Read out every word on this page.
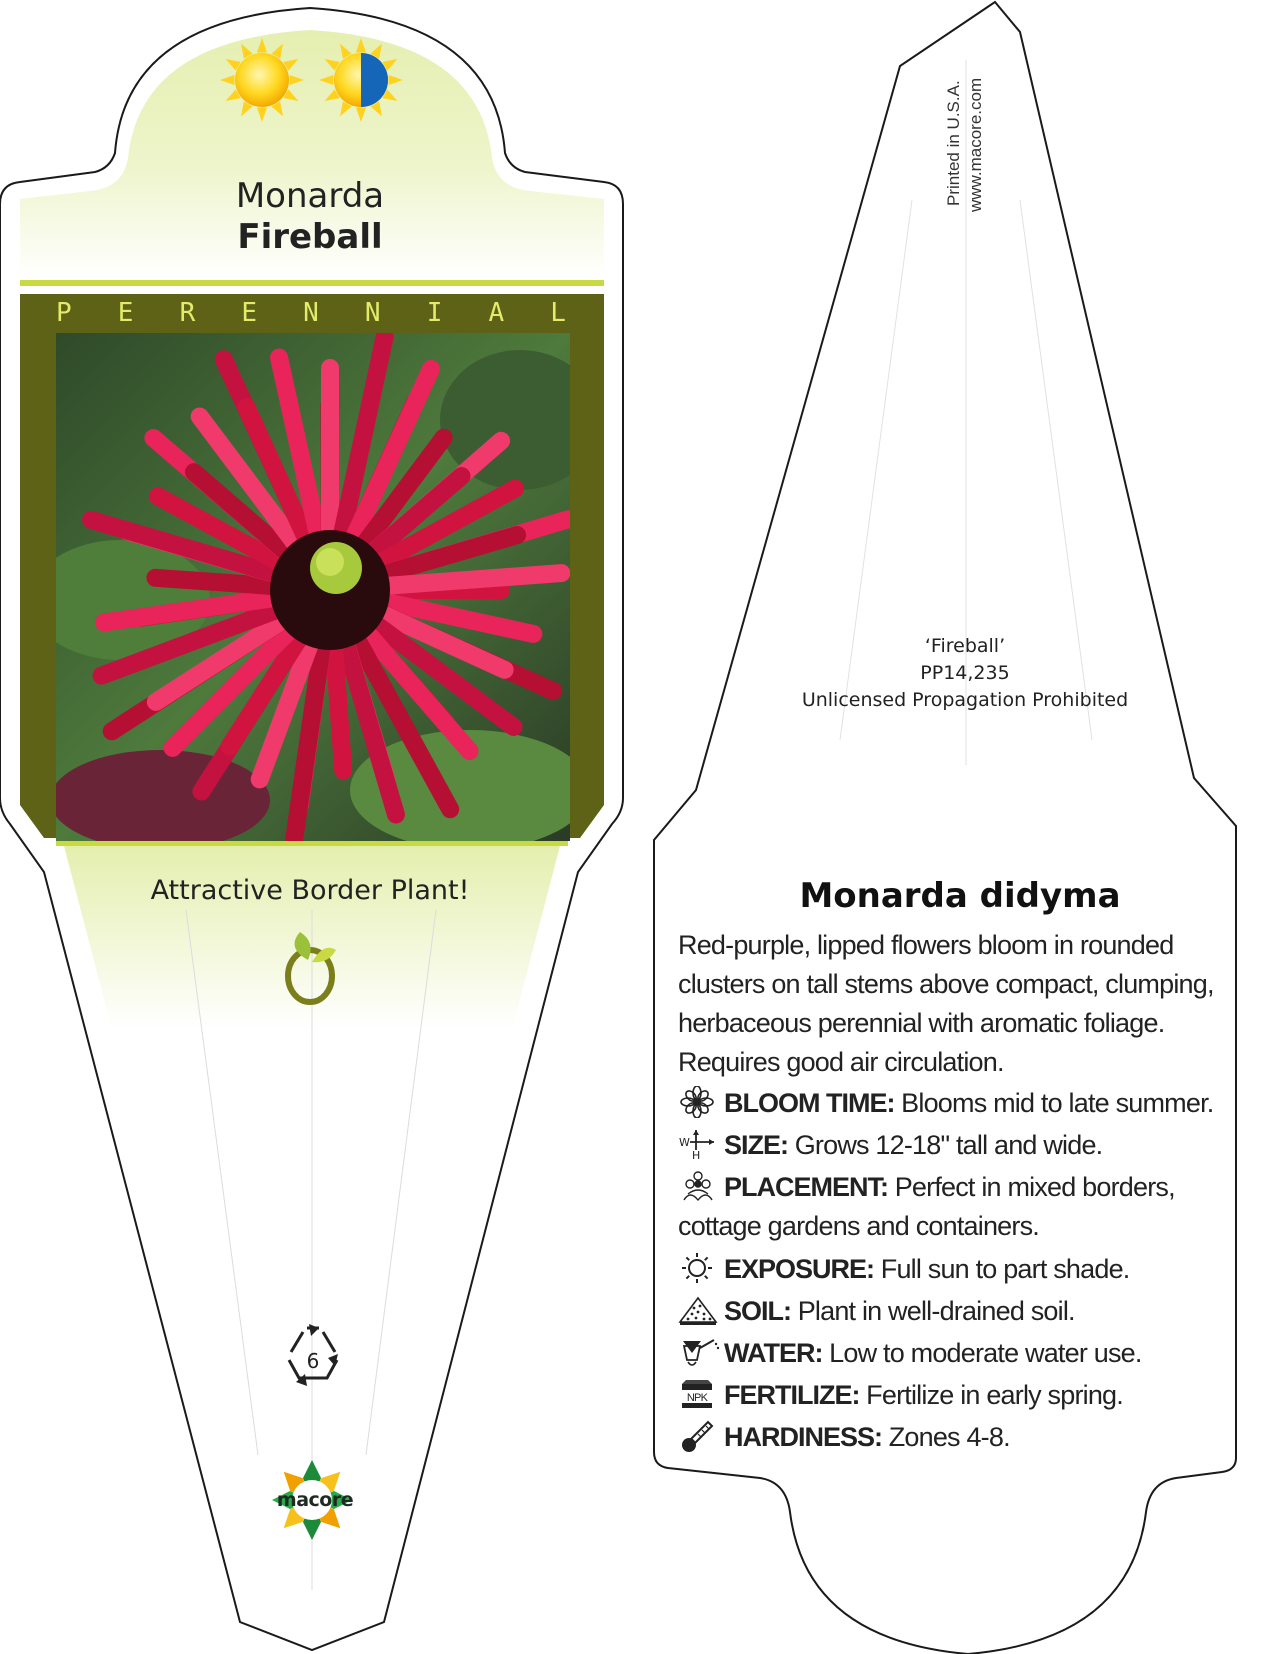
Monarda

Fireball

P E R E N N I A L

Attractive Border Plant!

6

macore

Printed in U.S.A. www.macore.com

‘Fireball’
PP14,235
Unlicensed Propagation Prohibited

Monarda didyma

Red-purple, lipped flowers bloom in rounded clusters on tall stems above compact, clumping, herbaceous perennial with aromatic foliage. Requires good air circulation.

BLOOM TIME: Blooms mid to late summer.
W
H SIZE: Grows 12-18" tall and wide.
PLACEMENT: Perfect in mixed borders, cottage gardens and containers.
EXPOSURE: Full sun to part shade.
SOIL: Plant in well-drained soil.
WATER: Low to moderate water use.
NPK FERTILIZE: Fertilize in early spring.
HARDINESS: Zones 4-8.
